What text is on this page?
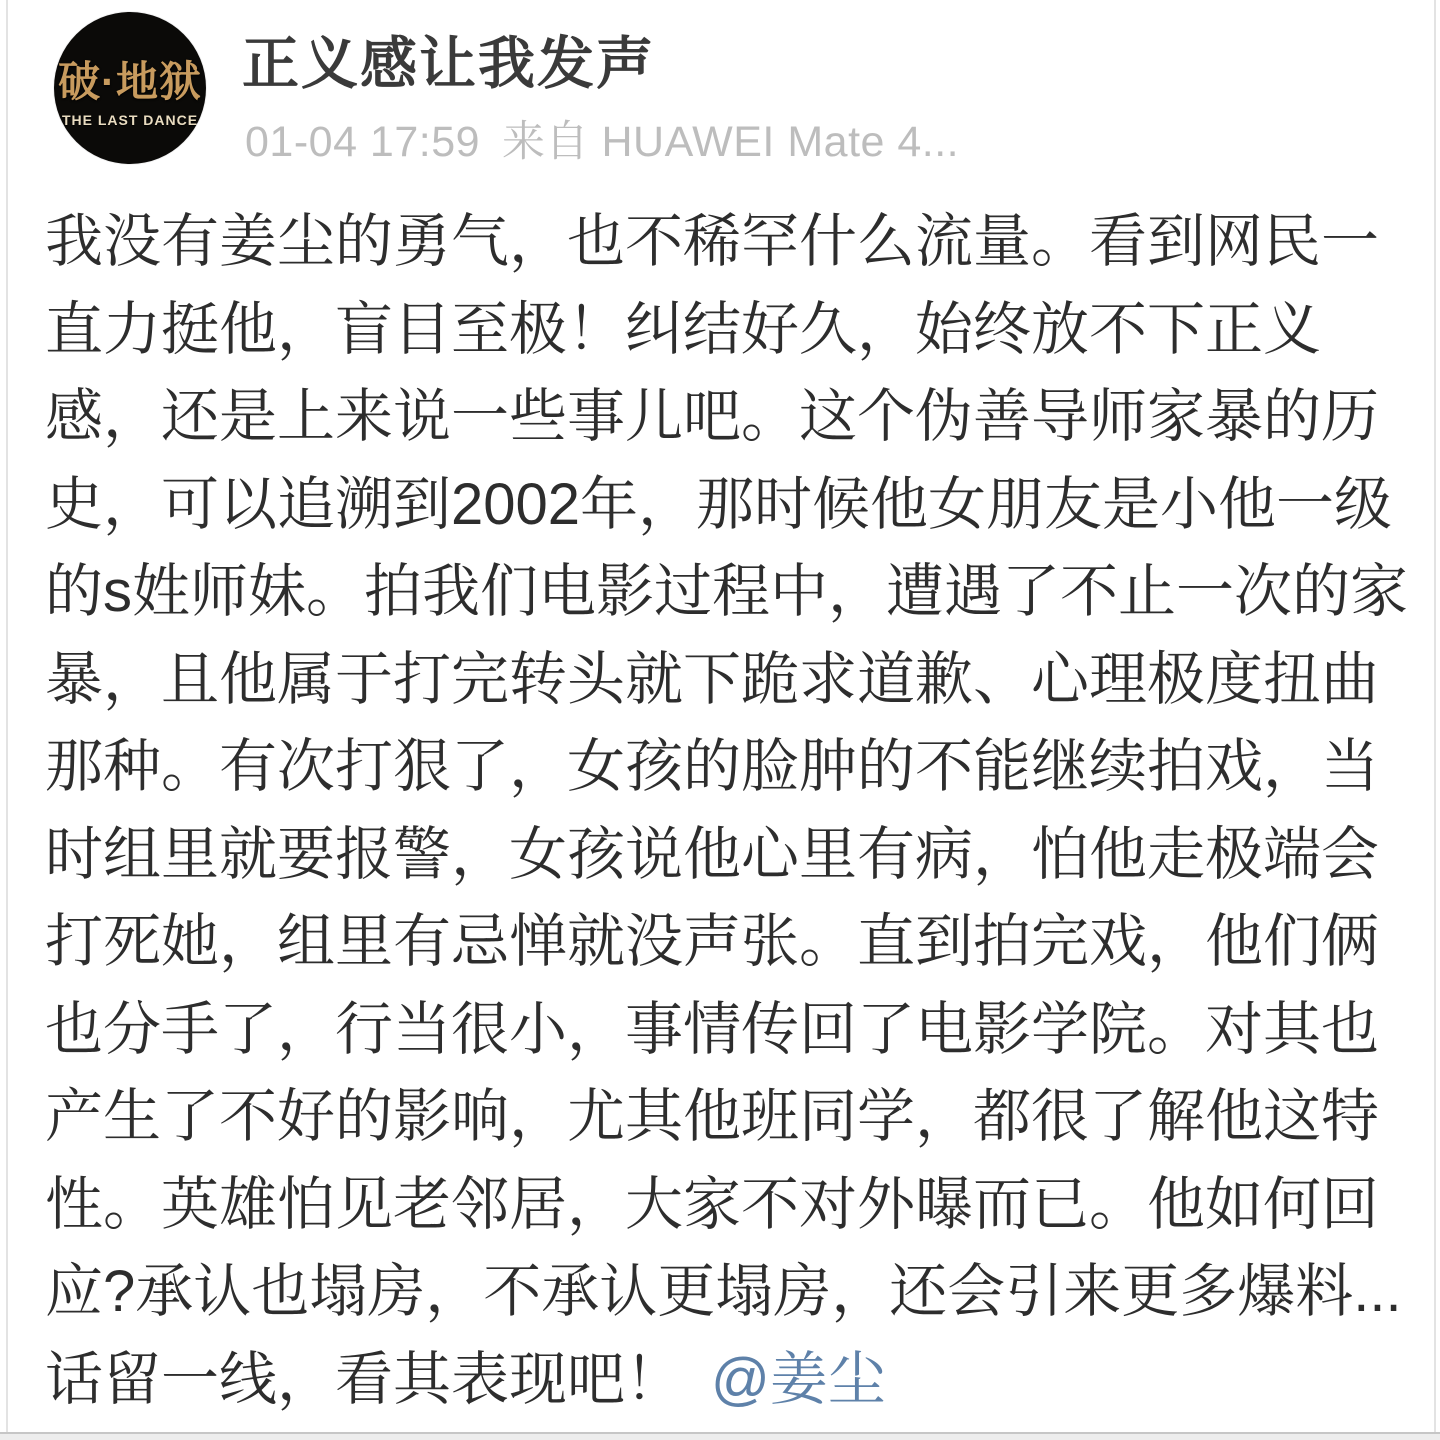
破·地狱
THE LAST DANCE
正义感让我发声
01-04 17:59 来自 HUAWEI Mate 4...
我没有姜尘的勇气，也不稀罕什么流量。看到网民一
直力挺他，盲目至极！纠结好久，始终放不下正义
感，还是上来说一些事儿吧。这个伪善导师家暴的历
史，可以追溯到2002年，那时候他女朋友是小他一级
的s姓师妹。拍我们电影过程中，遭遇了不止一次的家
暴，且他属于打完转头就下跪求道歉、心理极度扭曲
那种。有次打狠了，女孩的脸肿的不能继续拍戏，当
时组里就要报警，女孩说他心里有病，怕他走极端会
打死她，组里有忌惮就没声张。直到拍完戏，他们俩
也分手了，行当很小，事情传回了电影学院。对其也
产生了不好的影响，尤其他班同学，都很了解他这特
性。英雄怕见老邻居，大家不对外曝而已。他如何回
应?承认也塌房，不承认更塌房，还会引来更多爆料...
话留一线，看其表现吧！ @姜尘
